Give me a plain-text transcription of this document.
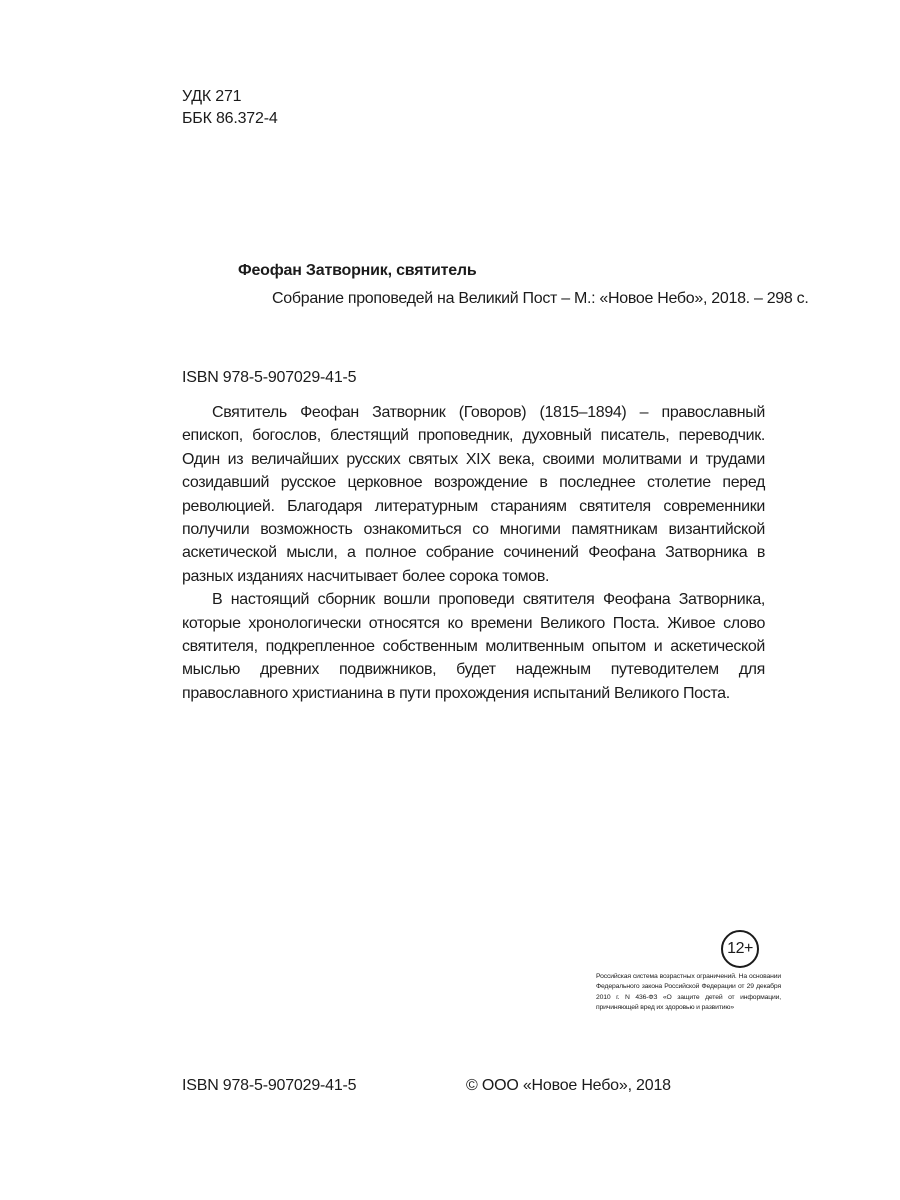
УДК 271
ББК 86.372-4
Феофан Затворник, святитель
Собрание проповедей на Великий Пост – М.: «Новое Небо», 2018. – 298 с.
ISBN 978-5-907029-41-5

Святитель Феофан Затворник (Говоров) (1815–1894) – православный епископ, богослов, блестящий проповедник, духовный писатель, переводчик. Один из величайших русских святых XIX века, своими молитвами и трудами созидавший русское церковное возрождение в последнее столетие перед революцией. Благодаря литературным стараниям святителя современники получили возможность ознакомиться со многими памятникам византийской аскетической мысли, а полное собрание сочинений Феофана Затворника в разных изданиях насчитывает более сорока томов.

В настоящий сборник вошли проповеди святителя Феофана Затворника, которые хронологически относятся ко времени Великого Поста. Живое слово святителя, подкрепленное собственным молитвенным опытом и аскетической мыслью древних подвижников, будет надежным путеводителем для православного христианина в пути прохождения испытаний Великого Поста.

12+
Российская система возрастных ограничений. На основании Федерального закона Российской Федерации от 29 декабря 2010 г. N 436-ФЗ «О защите детей от информации, причиняющей вред их здоровью и развитию»
ISBN 978-5-907029-41-5	© ООО «Новое Небо», 2018
